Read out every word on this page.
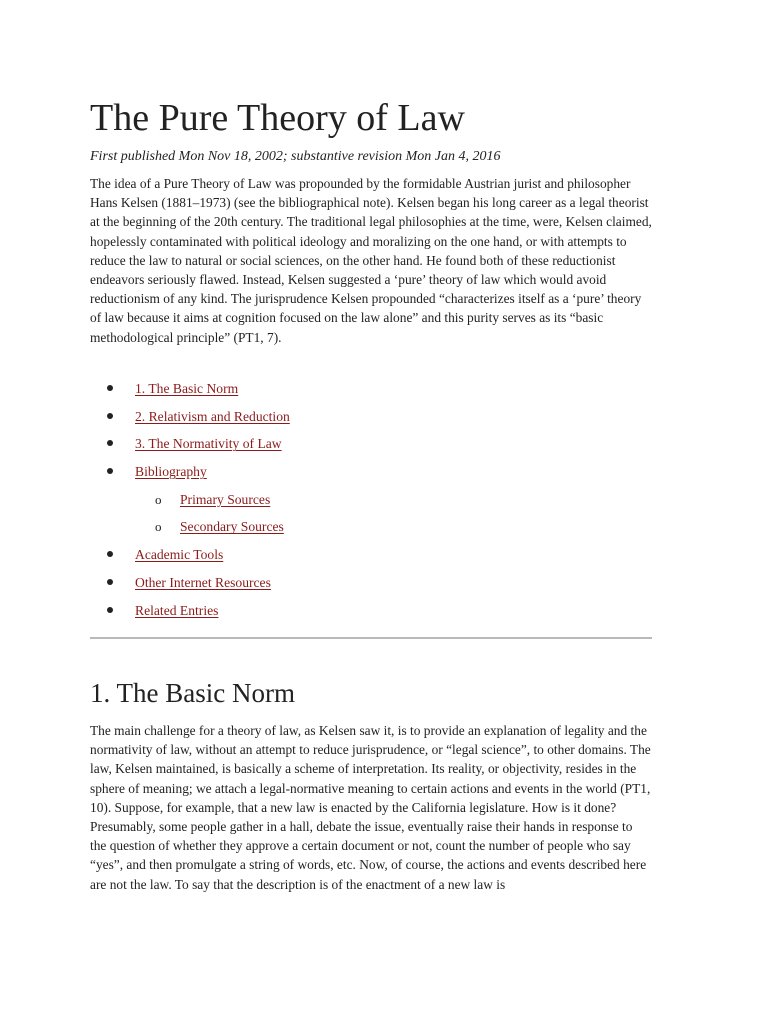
The Pure Theory of Law
First published Mon Nov 18, 2002; substantive revision Mon Jan 4, 2016

The idea of a Pure Theory of Law was propounded by the formidable Austrian jurist and philosopher Hans Kelsen (1881–1973) (see the bibliographical note). Kelsen began his long career as a legal theorist at the beginning of the 20th century. The traditional legal philosophies at the time, were, Kelsen claimed, hopelessly contaminated with political ideology and moralizing on the one hand, or with attempts to reduce the law to natural or social sciences, on the other hand. He found both of these reductionist endeavors seriously flawed. Instead, Kelsen suggested a ‘pure’ theory of law which would avoid reductionism of any kind. The jurisprudence Kelsen propounded “characterizes itself as a ‘pure’ theory of law because it aims at cognition focused on the law alone” and this purity serves as its “basic methodological principle” (PT1, 7).

1. The Basic Norm
2. Relativism and Reduction
3. The Normativity of Law
Bibliography
o Primary Sources
o Secondary Sources
Academic Tools
Other Internet Resources
Related Entries
1. The Basic Norm

The main challenge for a theory of law, as Kelsen saw it, is to provide an explanation of legality and the normativity of law, without an attempt to reduce jurisprudence, or “legal science”, to other domains. The law, Kelsen maintained, is basically a scheme of interpretation. Its reality, or objectivity, resides in the sphere of meaning; we attach a legal-normative meaning to certain actions and events in the world (PT1, 10). Suppose, for example, that a new law is enacted by the California legislature. How is it done? Presumably, some people gather in a hall, debate the issue, eventually raise their hands in response to the question of whether they approve a certain document or not, count the number of people who say “yes”, and then promulgate a string of words, etc. Now, of course, the actions and events described here are not the law. To say that the description is of the enactment of a new law is
